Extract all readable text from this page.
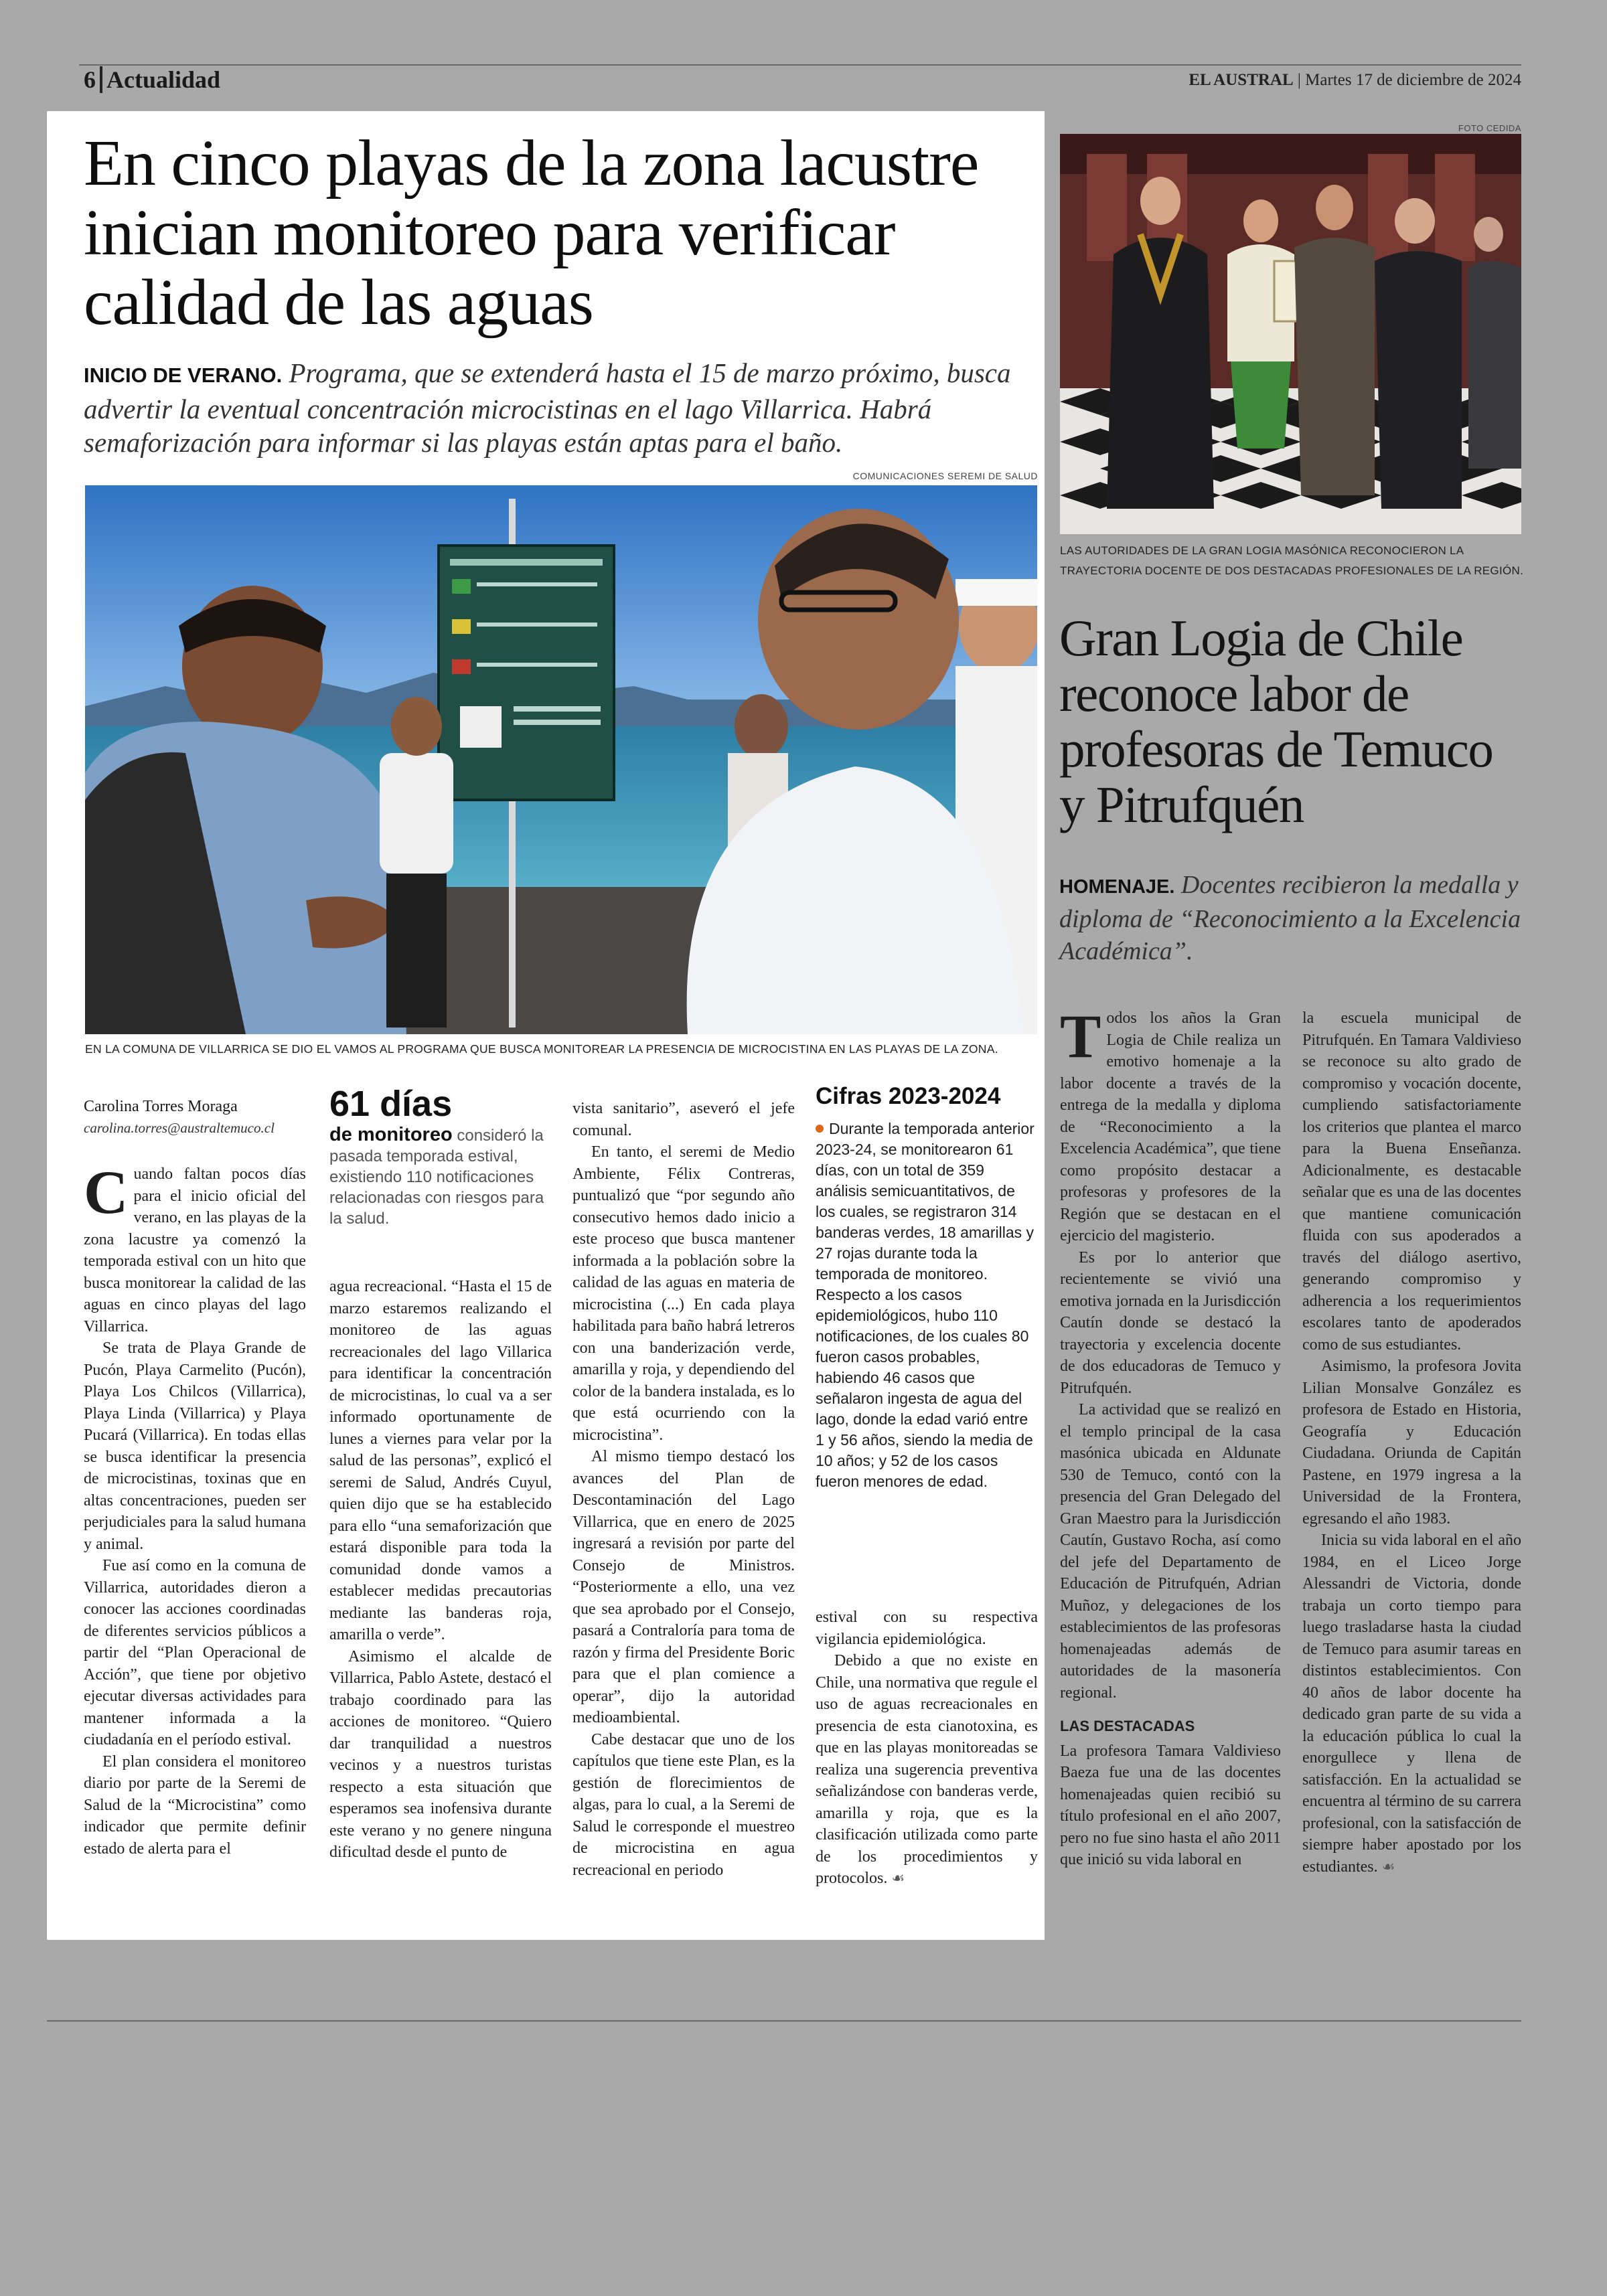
6 Actualidad	EL AUSTRAL | Martes 17 de diciembre de 2024
En cinco playas de la zona lacustre inician monitoreo para verificar calidad de las aguas
INICIO DE VERANO. Programa, que se extenderá hasta el 15 de marzo próximo, busca advertir la eventual concentración microcistinas en el lago Villarrica. Habrá semaforización para informar si las playas están aptas para el baño.
COMUNICACIONES SEREMI DE SALUD
EN LA COMUNA DE VILLARRICA SE DIO EL VAMOS AL PROGRAMA QUE BUSCA MONITOREAR LA PRESENCIA DE MICROCISTINA EN LAS PLAYAS DE LA ZONA.
Carolina Torres Moraga
carolina.torres@australtemuco.cl

Cuando faltan pocos días para el inicio oficial del verano, en las playas de la zona lacustre ya comenzó la temporada estival con un hito que busca monitorear la calidad de las aguas en cinco playas del lago Villarrica.

Se trata de Playa Grande de Pucón, Playa Carmelito (Pucón), Playa Los Chilcos (Villarrica), Playa Linda (Villarrica) y Playa Pucará (Villarrica). En todas ellas se busca identificar la presencia de microcistinas, toxinas que en altas concentraciones, pueden ser perjudiciales para la salud humana y animal.

Fue así como en la comuna de Villarrica, autoridades dieron a conocer las acciones coordinadas de diferentes servicios públicos a partir del “Plan Operacional de Acción”, que tiene por objetivo ejecutar diversas actividades para mantener informada a la ciudadanía en el período estival.

El plan considera el monitoreo diario por parte de la Seremi de Salud de la “Microcistina” como indicador que permite definir estado de alerta para el

61 días
de monitoreo consideró la pasada temporada estival, existiendo 110 notificaciones relacionadas con riesgos para la salud.

agua recreacional. “Hasta el 15 de marzo estaremos realizando el monitoreo de las aguas recreacionales del lago Villarica para identificar la concentración de microcistinas, lo cual va a ser informado oportunamente de lunes a viernes para velar por la salud de las personas”, explicó el seremi de Salud, Andrés Cuyul, quien dijo que se ha establecido para ello “una semaforización que estará disponible para toda la comunidad donde vamos a establecer medidas precautorias mediante las banderas roja, amarilla o verde”.

Asimismo el alcalde de Villarrica, Pablo Astete, destacó el trabajo coordinado para las acciones de monitoreo. “Quiero dar tranquilidad a nuestros vecinos y a nuestros turistas respecto a esta situación que esperamos sea inofensiva durante este verano y no genere ninguna dificultad desde el punto de

vista sanitario”, aseveró el jefe comunal.

En tanto, el seremi de Medio Ambiente, Félix Contreras, puntualizó que “por segundo año consecutivo hemos dado inicio a este proceso que busca mantener informada a la población sobre la calidad de las aguas en materia de microcistina (...) En cada playa habilitada para baño habrá letreros con una banderización verde, amarilla y roja, y dependiendo del color de la bandera instalada, es lo que está ocurriendo con la microcistina”.

Al mismo tiempo destacó los avances del Plan de Descontaminación del Lago Villarrica, que en enero de 2025 ingresará a revisión por parte del Consejo de Ministros. “Posteriormente a ello, una vez que sea aprobado por el Consejo, pasará a Contraloría para toma de razón y firma del Presidente Boric para que el plan comience a operar”, dijo la autoridad medioambiental.

Cabe destacar que uno de los capítulos que tiene este Plan, es la gestión de florecimientos de algas, para lo cual, a la Seremi de Salud le corresponde el muestreo de microcistina en agua recreacional en periodo

Cifras 2023-2024
Durante la temporada anterior 2023-24, se monitorearon 61 días, con un total de 359 análisis semicuantitativos, de los cuales, se registraron 314 banderas verdes, 18 amarillas y 27 rojas durante toda la temporada de monitoreo. Respecto a los casos epidemiológicos, hubo 110 notificaciones, de los cuales 80 fueron casos probables, habiendo 46 casos que señalaron ingesta de agua del lago, donde la edad varió entre 1 y 56 años, siendo la media de 10 años; y 52 de los casos fueron menores de edad.

estival con su respectiva vigilancia epidemiológica.

Debido a que no existe en Chile, una normativa que regule el uso de aguas recreacionales en presencia de esta cianotoxina, es que en las playas monitoreadas se realiza una sugerencia preventiva señalizándose con banderas verde, amarilla y roja, que es la clasificación utilizada como parte de los procedimientos y protocolos. ☙

FOTO CEDIDA
LAS AUTORIDADES DE LA GRAN LOGIA MASÓNICA RECONOCIERON LA TRAYECTORIA DOCENTE DE DOS DESTACADAS PROFESIONALES DE LA REGIÓN.
Gran Logia de Chile reconoce labor de profesoras de Temuco y Pitrufquén
HOMENAJE. Docentes recibieron la medalla y diploma de “Reconocimiento a la Excelencia Académica”.

Todos los años la Gran Logia de Chile realiza un emotivo homenaje a la labor docente a través de la entrega de la medalla y diploma de “Reconocimiento a la Excelencia Académica”, que tiene como propósito destacar a profesoras y profesores de la Región que se destacan en el ejercicio del magisterio.

Es por lo anterior que recientemente se vivió una emotiva jornada en la Jurisdicción Cautín donde se destacó la trayectoria y excelencia docente de dos educadoras de Temuco y Pitrufquén.

La actividad que se realizó en el templo principal de la casa masónica ubicada en Aldunate 530 de Temuco, contó con la presencia del Gran Delegado del Gran Maestro para la Jurisdicción Cautín, Gustavo Rocha, así como del jefe del Departamento de Educación de Pitrufquén, Adrian Muñoz, y delegaciones de los establecimientos de las profesoras homenajeadas además de autoridades de la masonería regional.

LAS DESTACADAS

La profesora Tamara Valdivieso Baeza fue una de las docentes homenajeadas quien recibió su título profesional en el año 2007, pero no fue sino hasta el año 2011 que inició su vida laboral en

la escuela municipal de Pitrufquén. En Tamara Valdivieso se reconoce su alto grado de compromiso y vocación docente, cumpliendo satisfactoriamente los criterios que plantea el marco para la Buena Enseñanza. Adicionalmente, es destacable señalar que es una de las docentes que mantiene comunicación fluida con sus apoderados a través del diálogo asertivo, generando compromiso y adherencia a los requerimientos escolares tanto de apoderados como de sus estudiantes.

Asimismo, la profesora Jovita Lilian Monsalve González es profesora de Estado en Historia, Geografía y Educación Ciudadana. Oriunda de Capitán Pastene, en 1979 ingresa a la Universidad de la Frontera, egresando el año 1983.

Inicia su vida laboral en el año 1984, en el Liceo Jorge Alessandri de Victoria, donde trabaja un corto tiempo para luego trasladarse hasta la ciudad de Temuco para asumir tareas en distintos establecimientos. Con 40 años de labor docente ha dedicado gran parte de su vida a la educación pública lo cual la enorgullece y llena de satisfacción. En la actualidad se encuentra al término de su carrera profesional, con la satisfacción de siempre haber apostado por los estudiantes. ☙
